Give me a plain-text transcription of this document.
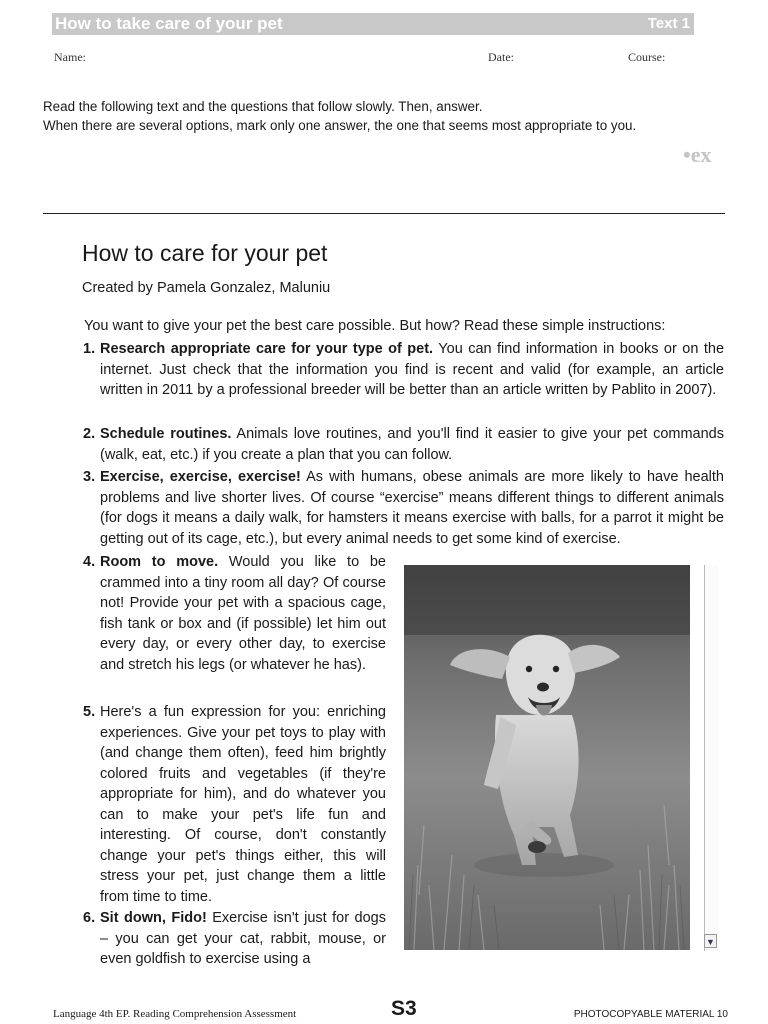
How to take care of your pet	Text 1
Name:	Date:	Course:

Read the following text and the questions that follow slowly. Then, answer.

When there are several options, mark only one answer, the one that seems most appropriate to you.

•ex
How to care for your pet
Created by Pamela Gonzalez, Maluniu
You want to give your pet the best care possible. But how? Read these simple instructions:
1. Research appropriate care for your type of pet. You can find information in books or on the internet. Just check that the information you find is recent and valid (for example, an article written in 2011 by a professional breeder will be better than an article written by Pablito in 2007).
2. Schedule routines. Animals love routines, and you'll find it easier to give your pet commands (walk, eat, etc.) if you create a plan that you can follow.
3. Exercise, exercise, exercise! As with humans, obese animals are more likely to have health problems and live shorter lives. Of course “exercise” means different things to different animals (for dogs it means a daily walk, for hamsters it means exercise with balls, for a parrot it might be getting out of its cage, etc.), but every animal needs to get some kind of exercise.
4. Room to move. Would you like to be crammed into a tiny room all day? Of course not! Provide your pet with a spacious cage, fish tank or box and (if possible) let him out every day, or every other day, to exercise and stretch his legs (or whatever he has).
5. Here's a fun expression for you: enriching experiences. Give your pet toys to play with (and change them often), feed him brightly colored fruits and vegetables (if they're appropriate for him), and do whatever you can to make your pet's life fun and interesting. Of course, don't constantly change your pet's things either, this will stress your pet, just change them a little from time to time.
6. Sit down, Fido! Exercise isn't just for dogs – you can get your cat, rabbit, mouse, or even goldfish to exercise using a
▼
Language 4th EP. Reading Comprehension Assessment	S3	PHOTOCOPYABLE MATERIAL 10
